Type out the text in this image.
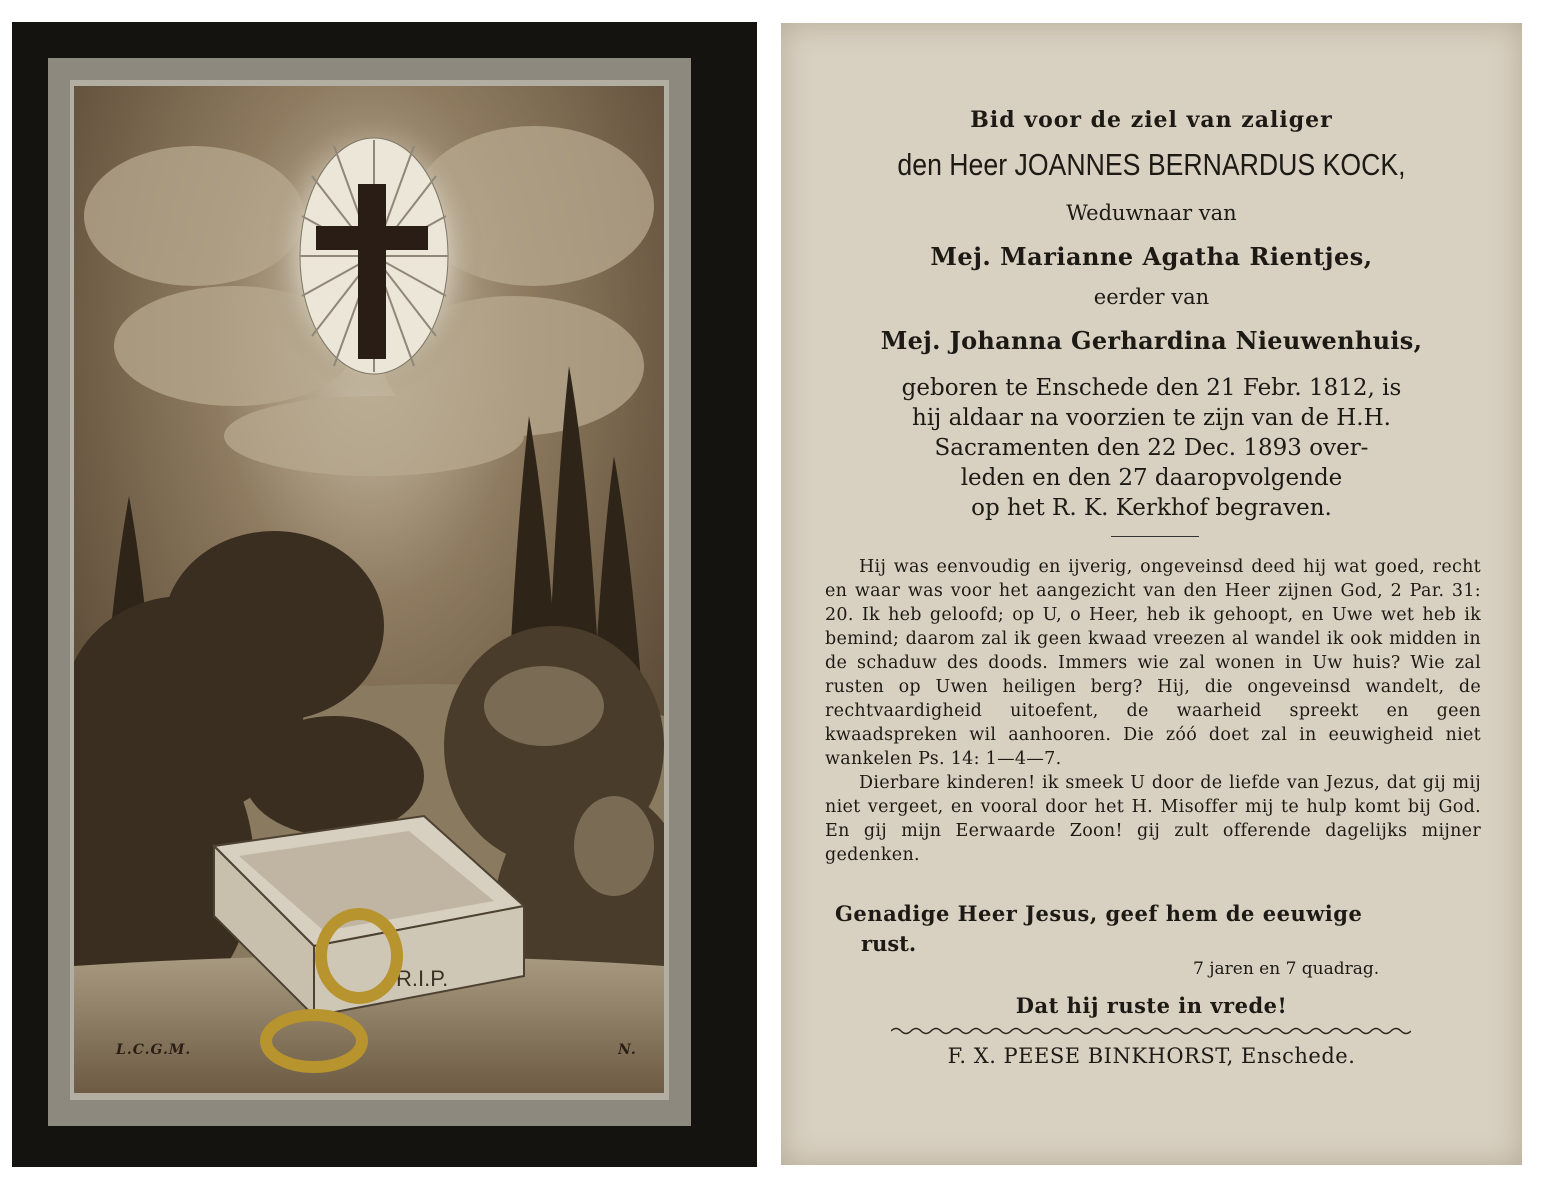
R.I.P.
L.C.G.M.	N.
Bid voor de ziel van zaliger
den Heer JOANNES BERNARDUS KOCK,
Weduwnaar van
Mej. Marianne Agatha Rientjes,
eerder van
Mej. Johanna Gerhardina Nieuwenhuis,
geboren te Enschede den 21 Febr. 1812, is
hij aldaar na voorzien te zijn van de H.H.
Sacramenten den 22 Dec. 1893 over-
leden en den 27 daaropvolgende
op het R. K. Kerkhof begraven.

Hij was eenvoudig en ijverig, ongeveinsd deed hij wat goed, recht en waar was voor het aangezicht van den Heer zijnen God, 2 Par. 31: 20. Ik heb geloofd; op U, o Heer, heb ik gehoopt, en Uwe wet heb ik bemind; daarom zal ik geen kwaad vreezen al wandel ik ook midden in de schaduw des doods. Immers wie zal wonen in Uw huis? Wie zal rusten op Uwen heiligen berg? Hij, die ongeveinsd wandelt, de rechtvaardigheid uitoefent, de waarheid spreekt en geen kwaadspreken wil aanhooren. Die zóó doet zal in eeuwigheid niet wankelen Ps. 14: 1—4—7.

Dierbare kinderen! ik smeek U door de liefde van Jezus, dat gij mij niet vergeet, en vooral door het H. Misoffer mij te hulp komt bij God. En gij mijn Eerwaarde Zoon! gij zult offerende dagelijks mijner gedenken.

Genadige Heer Jesus, geef hem de eeuwige
rust.
7 jaren en 7 quadrag.
Dat hij ruste in vrede!
F. X. PEESE BINKHORST, Enschede.
